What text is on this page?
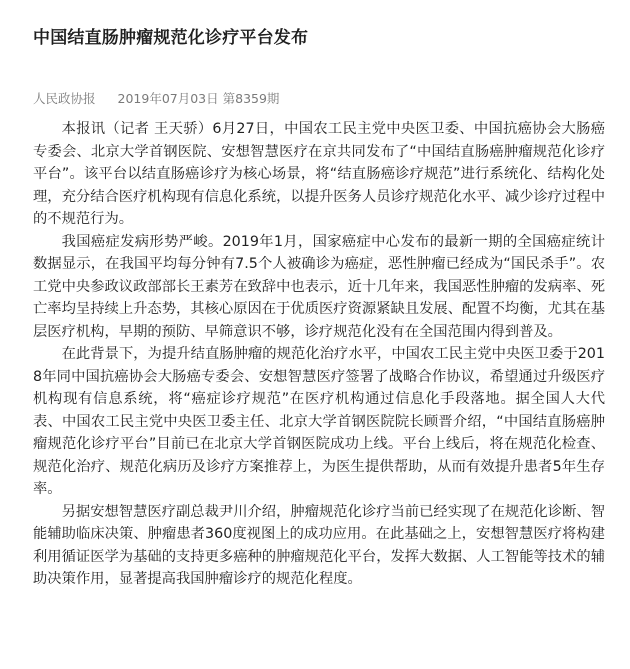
中国结直肠肿瘤规范化诊疗平台发布
人民政协报 2019年07月03日 第8359期

本报讯（记者 王天骄）6月27日，中国农工民主党中央医卫委、中国抗癌协会大肠癌专委会、北京大学首钢医院、安想智慧医疗在京共同发布了“中国结直肠癌肿瘤规范化诊疗平台”。该平台以结直肠癌诊疗为核心场景，将“结直肠癌诊疗规范”进行系统化、结构化处理，充分结合医疗机构现有信息化系统，以提升医务人员诊疗规范化水平、减少诊疗过程中的不规范行为。

我国癌症发病形势严峻。2019年1月，国家癌症中心发布的最新一期的全国癌症统计数据显示，在我国平均每分钟有7.5个人被确诊为癌症，恶性肿瘤已经成为“国民杀手”。农工党中央参政议政部部长王素芳在致辞中也表示，近十几年来，我国恶性肿瘤的发病率、死亡率均呈持续上升态势，其核心原因在于优质医疗资源紧缺且发展、配置不均衡，尤其在基层医疗机构，早期的预防、早筛意识不够，诊疗规范化没有在全国范围内得到普及。

在此背景下，为提升结直肠肿瘤的规范化治疗水平，中国农工民主党中央医卫委于2018年同中国抗癌协会大肠癌专委会、安想智慧医疗签署了战略合作协议，希望通过升级医疗机构现有信息系统，将“癌症诊疗规范”在医疗机构通过信息化手段落地。据全国人大代表、中国农工民主党中央医卫委主任、北京大学首钢医院院长顾晋介绍，“中国结直肠癌肿瘤规范化诊疗平台”目前已在北京大学首钢医院成功上线。平台上线后，将在规范化检查、规范化治疗、规范化病历及诊疗方案推荐上，为医生提供帮助，从而有效提升患者5年生存率。

另据安想智慧医疗副总裁尹川介绍，肿瘤规范化诊疗当前已经实现了在规范化诊断、智能辅助临床决策、肿瘤患者360度视图上的成功应用。在此基础之上，安想智慧医疗将构建利用循证医学为基础的支持更多癌种的肿瘤规范化平台，发挥大数据、人工智能等技术的辅助决策作用，显著提高我国肿瘤诊疗的规范化程度。
